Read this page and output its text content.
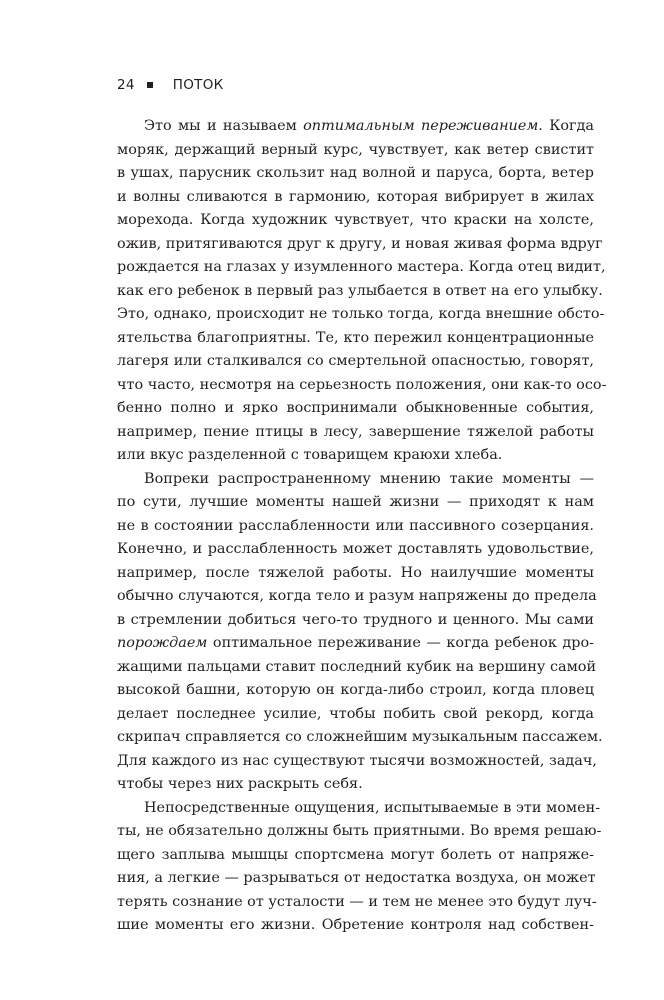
24	ПОТОК
Это мы и называем оптимальным переживанием. Когда
моряк, держащий верный курс, чувствует, как ветер свистит
в ушах, парусник скользит над волной и паруса, борта, ветер
и волны сливаются в гармонию, которая вибрирует в жилах
морехода. Когда художник чувствует, что краски на холсте,
ожив, притягиваются друг к другу, и новая живая форма вдруг
рождается на глазах у изумленного мастера. Когда отец видит,
как его ребенок в первый раз улыбается в ответ на его улыбку.
Это, однако, происходит не только тогда, когда внешние обсто-
ятельства благоприятны. Те, кто пережил концентрационные
лагеря или сталкивался со смертельной опасностью, говорят,
что часто, несмотря на серьезность положения, они как-то осо-
бенно полно и ярко воспринимали обыкновенные события,
например, пение птицы в лесу, завершение тяжелой работы
или вкус разделенной с товарищем краюхи хлеба.
Вопреки распространенному мнению такие моменты —
по сути, лучшие моменты нашей жизни — приходят к нам
не в состоянии расслабленности или пассивного созерцания.
Конечно, и расслабленность может доставлять удовольствие,
например, после тяжелой работы. Но наилучшие моменты
обычно случаются, когда тело и разум напряжены до предела
в стремлении добиться чего-то трудного и ценного. Мы сами
порождаем оптимальное переживание — когда ребенок дро-
жащими пальцами ставит последний кубик на вершину самой
высокой башни, которую он когда-либо строил, когда пловец
делает последнее усилие, чтобы побить свой рекорд, когда
скрипач справляется со сложнейшим музыкальным пассажем.
Для каждого из нас существуют тысячи возможностей, задач,
чтобы через них раскрыть себя.
Непосредственные ощущения, испытываемые в эти момен-
ты, не обязательно должны быть приятными. Во время решаю-
щего заплыва мышцы спортсмена могут болеть от напряже-
ния, а легкие — разрываться от недостатка воздуха, он может
терять сознание от усталости — и тем не менее это будут луч-
шие моменты его жизни. Обретение контроля над собствен-
